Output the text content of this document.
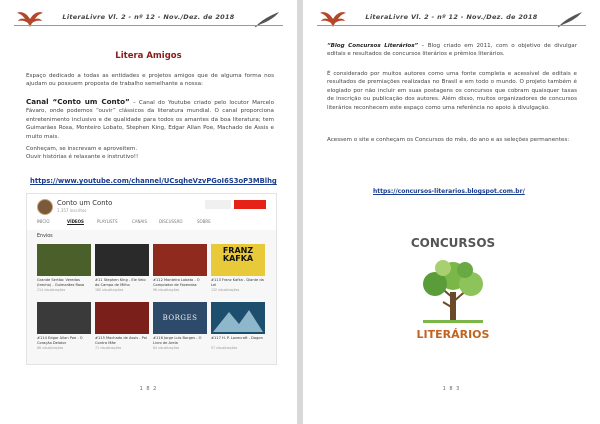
LiteraLivre Vl. 2 - nº 12 - Nov./Dez. de 2018
Litera Amigos
Espaço dedicado a todas as entidades e projetos amigos que de alguma forma nos ajudam ou possuem proposta de trabalho semelhante a nossa:
Canal “Conto um Conto” – Canal do Youtube criado pelo locutor Marcelo Fávaro, onde podemos “ouvir” clássicos da literatura mundial. O canal proporciona entretenimento inclusivo e de qualidade para todos os amantes da boa literatura; tem Guimarães Rosa, Monteiro Lobato, Stephen King, Edgar Allan Poe, Machado de Assis e muito mais.
Conheçam, se inscrevam e aproveitem.
Ouvir histórias é relaxante e instrutivo!!
https://www.youtube.com/channel/UCsqheVzvPGoI6S3oP3MBlhg
Conto um Conto
1.357 inscritos
INÍCIO	VÍDEOS	PLAYLISTS	CANAIS	DISCUSSÃO	SOBRE
Envios
Grande Sertão: Veredas (trecho) - Guimarães Rosa
214 visualizações
#11 Stephen King - Ele Veio do Campo de Milho
180 visualizações
#112 Monteiro Lobato - O Comprador de Fazendas
96 visualizações
FRANZ KAFKA
#113 Franz Kafka - Diante da Lei
132 visualizações
#114 Edgar Allan Poe - O Coração Delator
88 visualizações
#115 Machado de Assis - Pai Contra Mãe
71 visualizações
BORGES
#116 Jorge Luis Borges - O Livro de Areia
64 visualizações
#117 H. P. Lovecraft - Dagon
57 visualizações
1 8 2
LiteraLivre Vl. 2 - nº 12 - Nov./Dez. de 2018
“Blog Concursos Literários” – Blog criado em 2011, com o objetivo de divulgar editais e resultados de concursos literários e prêmios literários.
É considerado por muitos autores como uma fonte completa e acessível de editais e resultados de premiações realizadas no Brasil e em todo o mundo. O projeto também é elogiado por não incluir em suas postagens os concursos que cobram quaisquer taxas de inscrição ou publicação dos autores. Além disso, muitos organizadores de concursos literários reconhecem este espaço como uma referência no apoio à divulgação.
Acessem o site e conheçam os Concursos do mês, do ano e as seleções permanentes:
https://concursos-literarios.blogspot.com.br/
CONCURSOS
LITERÁRIOS
1 8 3
